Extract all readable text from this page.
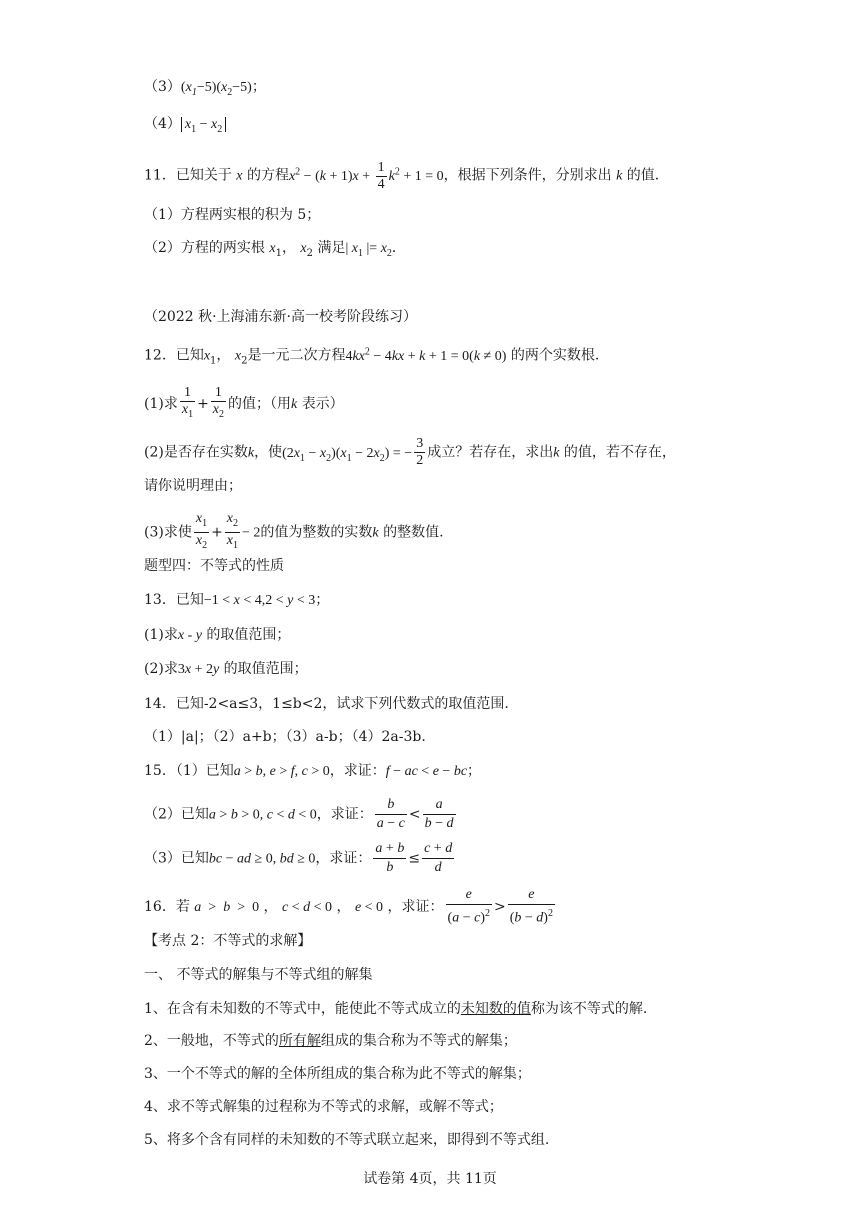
$(3)(x_1-5)(x_2-5)$；
（4） $x_1 - x_2$
11．已知关于 x 的方程$x^2 - (k + 1)x + \frac{1}{4} k^2 + 1 = 0$，根据下列条件，分别求出 k 的值．
（1）方程两实根的积为 5；
（2）方程的两实根 $x_1$， $x_2$ 满足| $x_1$ |= $x_2$．
（2022 秋·上海浦东新·高一校考阶段练习）
12．已知$x_1$， $x_2$是一元二次方程$4kx^2 - 4kx + k + 1 = 0(k \ne 0)$ 的两个实数根.
(1)求 $\frac{1}{x_1} + \frac{1}{x_2}$ 的值；（用k 表示）
(2)是否存在实数k，使$(2x_1 - x_2)(x_1 - 2x_2)$ = − $\frac{3}{2}$ 成立？若存在，求出k 的值，若不存在，
请你说明理由；
(3)求使 $\frac{x_1}{x_2} + \frac{x_2}{x_1} - 2$的值为整数的实数k 的整数值.
题型四：不等式的性质
13．已知−1 < x < 4,2 < y < 3；
(1)求x - y 的取值范围；
(2)求3x + 2y 的取值范围；
14．已知-2<a≤3，1≤b<2，试求下列代数式的取值范围.
（1）|a|；（2）a+b；（3）a-b；（4）2a-3b.
15．（1）已知a > b, e > f, c > 0，求证：f − ac < e − bc；
（2）已知a > b > 0, c < d < 0，求证： $\frac{b}{a - c} < \frac{a}{b - d}$
（3）已知bc − ad ≥ 0, bd ≥ 0，求证： $\frac{a + b}{b} \le \frac{c + d}{d}$
16．若 a  >  b  >  0 ， c < d < 0 ， e < 0 ，求证： $\frac{e}{(a - c)^2} > \frac{e}{(b - d)^2}$
【考点 2：不等式的求解】
一、 不等式的解集与不等式组的解集
1、在含有未知数的不等式中，能使此不等式成立的未知数的值称为该不等式的解.
2、一般地，不等式的所有解组成的集合称为不等式的解集；
3、一个不等式的解的全体所组成的集合称为此不等式的解集；
4、求不等式解集的过程称为不等式的求解，或解不等式；
5、将多个含有同样的未知数的不等式联立起来，即得到不等式组.
试卷第 4页，共 11页
